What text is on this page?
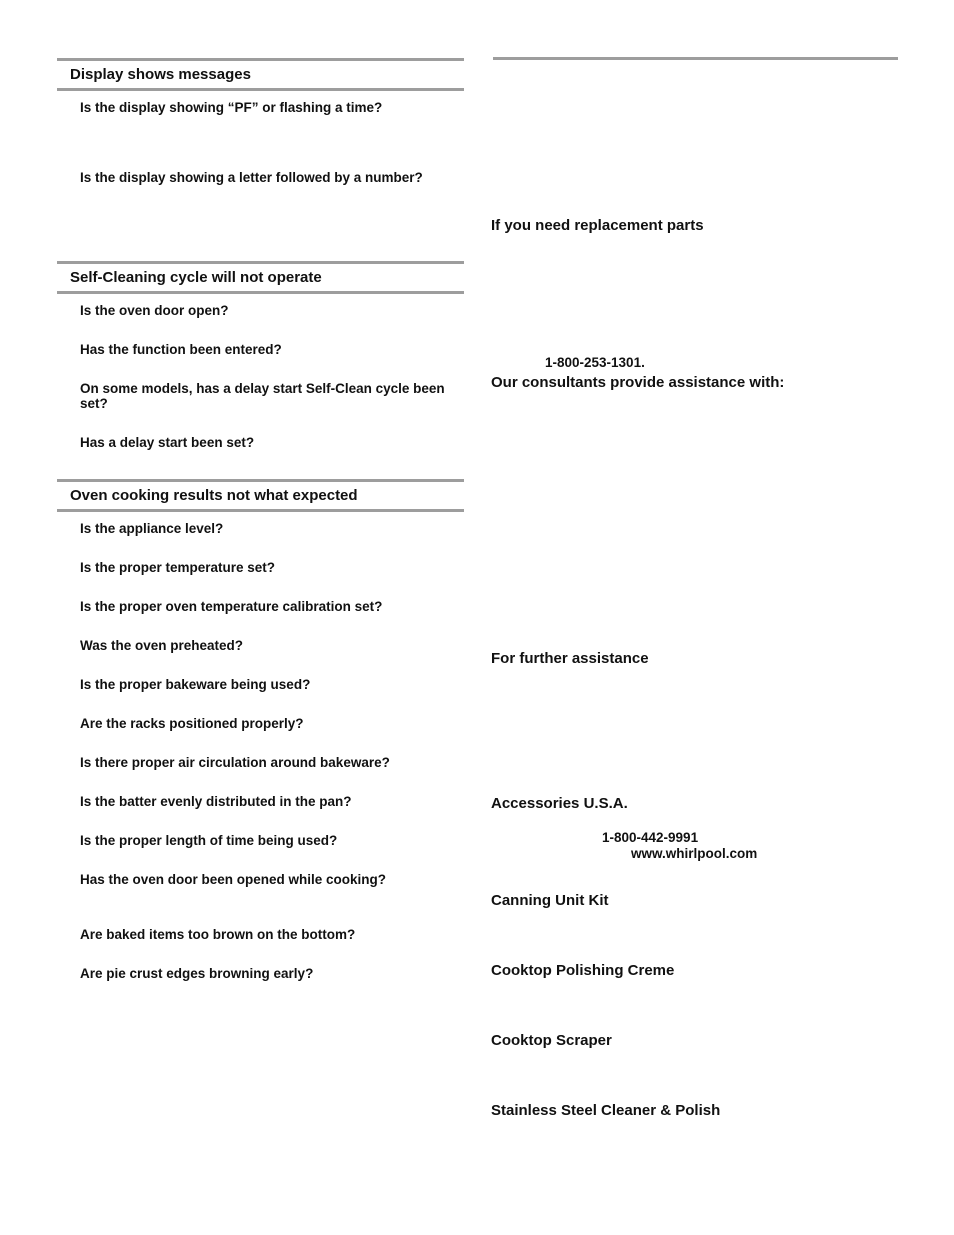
Display shows messages
Is the display showing “PF” or flashing a time?
Is the display showing a letter followed by a number?
Self-Cleaning cycle will not operate
Is the oven door open?
Has the function been entered?
On some models, has a delay start Self-Clean cycle been set?
Has a delay start been set?
Oven cooking results not what expected
Is the appliance level?
Is the proper temperature set?
Is the proper oven temperature calibration set?
Was the oven preheated?
Is the proper bakeware being used?
Are the racks positioned properly?
Is there proper air circulation around bakeware?
Is the batter evenly distributed in the pan?
Is the proper length of time being used?
Has the oven door been opened while cooking?
Are baked items too brown on the bottom?
Are pie crust edges browning early?
If you need replacement parts
1-800-253-1301.
Our consultants provide assistance with:
For further assistance
Accessories U.S.A.
1-800-442-9991
www.whirlpool.com
Canning Unit Kit
Cooktop Polishing Creme
Cooktop Scraper
Stainless Steel Cleaner & Polish
